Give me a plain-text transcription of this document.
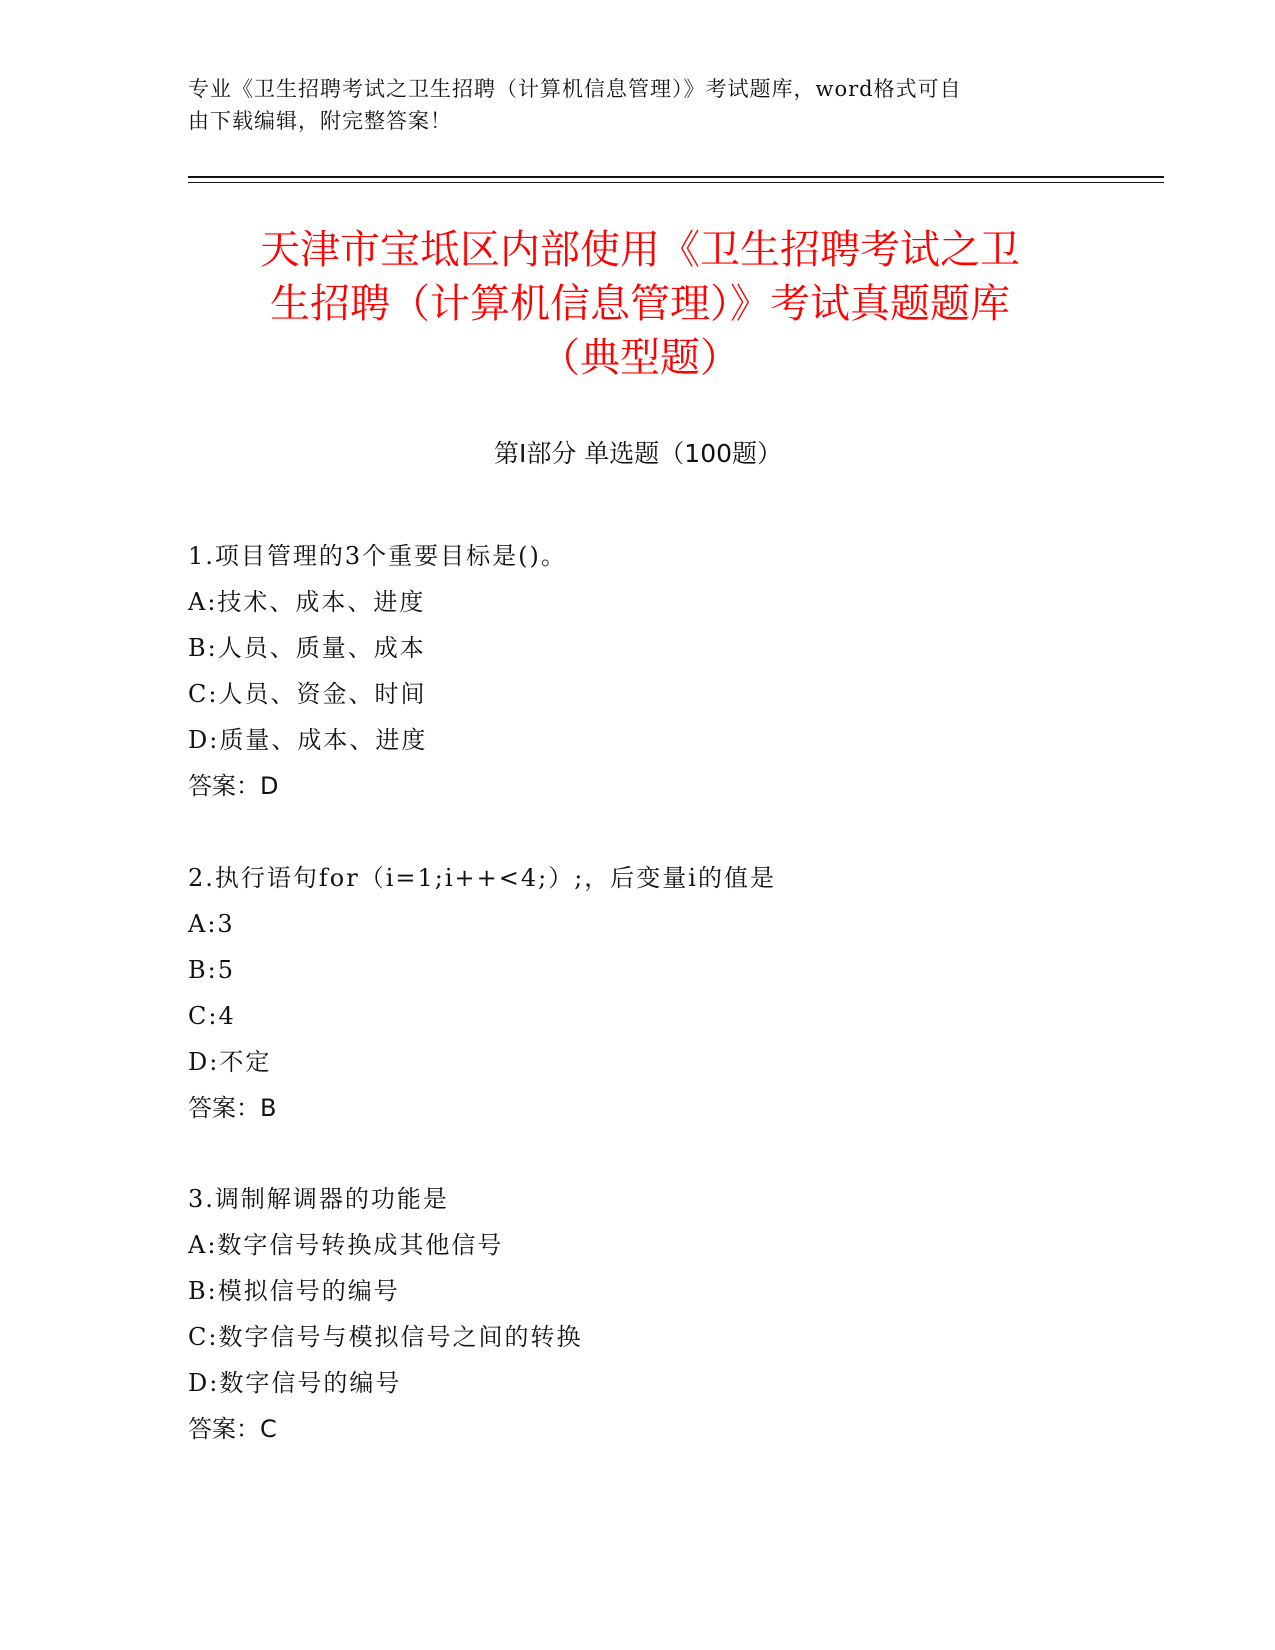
专业《卫生招聘考试之卫生招聘（计算机信息管理）》考试题库，word格式可自
由下载编辑，附完整答案！
天津市宝坻区内部使用《卫生招聘考试之卫
生招聘（计算机信息管理）》考试真题题库
（典型题）
第Ⅰ部分 单选题（100题）
1.项目管理的3个重要目标是()。
A:技术、成本、进度
B:人员、质量、成本
C:人员、资金、时间
D:质量、成本、进度
答案：D
2.执行语句for（i=1;i++<4;）;，后变量i的值是
A:3
B:5
C:4
D:不定
答案：B
3.调制解调器的功能是
A:数字信号转换成其他信号
B:模拟信号的编号
C:数字信号与模拟信号之间的转换
D:数字信号的编号
答案：C
